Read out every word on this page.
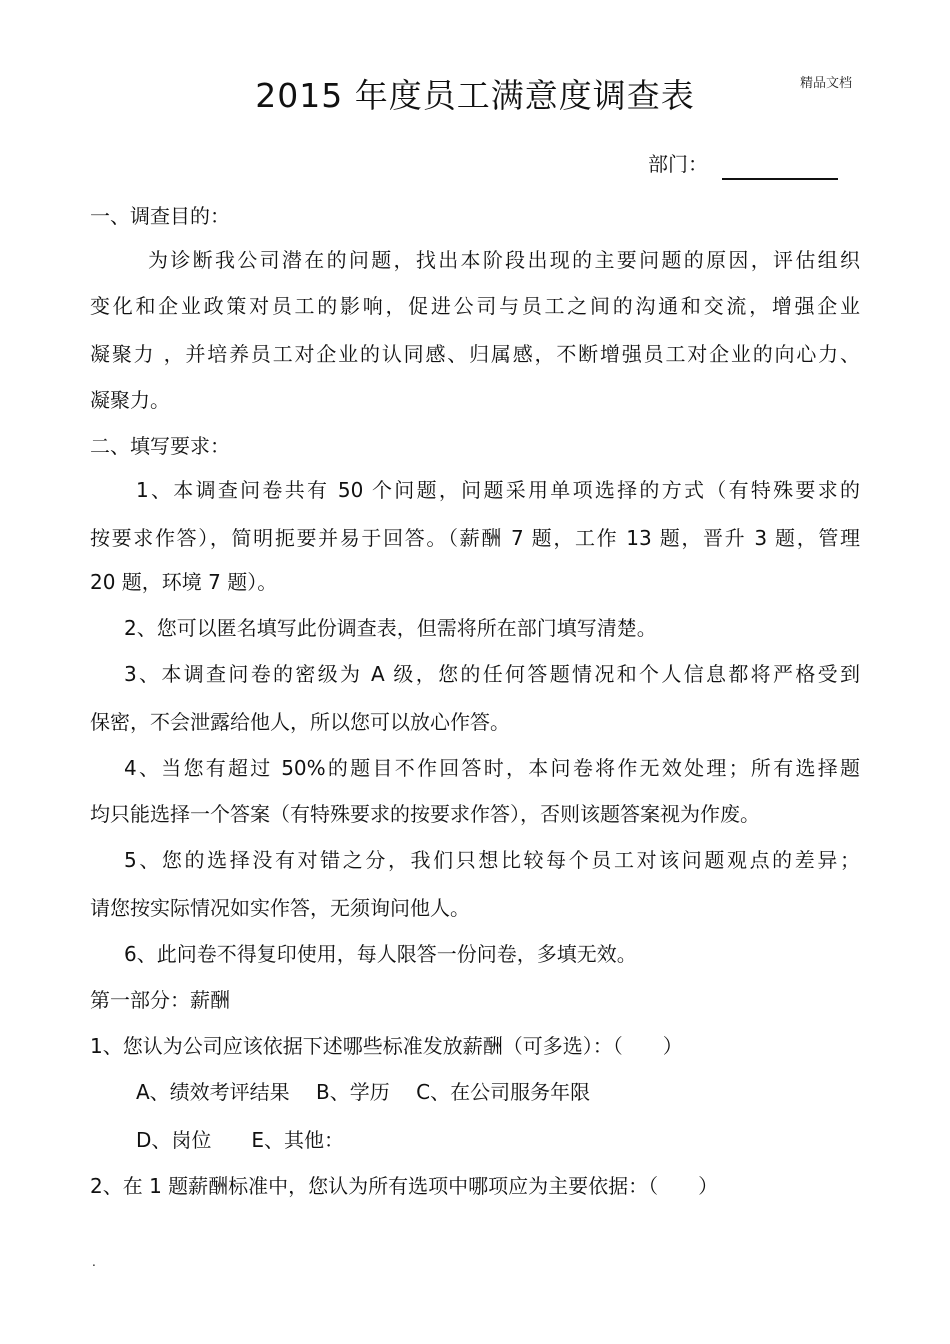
精品文档
2015 年度员工满意度调查表
部门：
一、调查目的：
为诊断我公司潜在的问题，找出本阶段出现的主要问题的原因，评估组织
变化和企业政策对员工的影响，促进公司与员工之间的沟通和交流，增强企业
凝聚力 ，并培养员工对企业的认同感、归属感，不断增强员工对企业的向心力、
凝聚力。
二、填写要求：
1、本调查问卷共有 50 个问题，问题采用单项选择的方式（有特殊要求的
按要求作答），简明扼要并易于回答。（薪酬 7 题，工作 13 题，晋升 3 题，管理
20 题，环境 7 题）。
2、您可以匿名填写此份调查表，但需将所在部门填写清楚。
3、本调查问卷的密级为 A 级，您的任何答题情况和个人信息都将严格受到
保密，不会泄露给他人，所以您可以放心作答。
4、当您有超过 50%的题目不作回答时，本问卷将作无效处理；所有选择题
均只能选择一个答案（有特殊要求的按要求作答），否则该题答案视为作废。
5、您的选择没有对错之分，我们只想比较每个员工对该问题观点的差异；
请您按实际情况如实作答，无须询问他人。
6、此问卷不得复印使用，每人限答一份问卷，多填无效。
第一部分：薪酬
1、您认为公司应该依据下述哪些标准发放薪酬（可多选）：（　　）
A、绩效考评结果　 B、学历　 C、在公司服务年限
D、岗位　　E、其他：
2、在 1 题薪酬标准中，您认为所有选项中哪项应为主要依据：（　　）
.
